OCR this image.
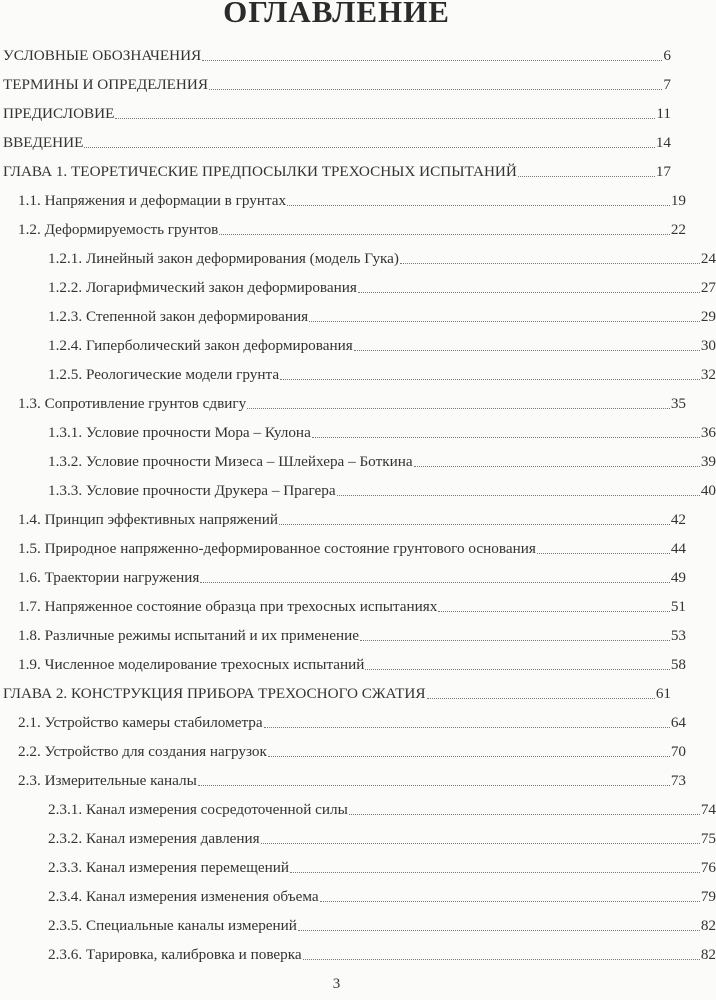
ОГЛАВЛЕНИЕ
УСЛОВНЫЕ ОБОЗНАЧЕНИЯ	6
ТЕРМИНЫ И ОПРЕДЕЛЕНИЯ	7
ПРЕДИСЛОВИЕ	11
ВВЕДЕНИЕ	14
ГЛАВА 1. ТЕОРЕТИЧЕСКИЕ ПРЕДПОСЫЛКИ ТРЕХОСНЫХ ИСПЫТАНИЙ	17
1.1. Напряжения и деформации в грунтах	19
1.2. Деформируемость грунтов	22
1.2.1. Линейный закон деформирования (модель Гука)	24
1.2.2. Логарифмический закон деформирования	27
1.2.3. Степенной закон деформирования	29
1.2.4. Гиперболический закон деформирования	30
1.2.5. Реологические модели грунта	32
1.3. Сопротивление грунтов сдвигу	35
1.3.1. Условие прочности Мора – Кулона	36
1.3.2. Условие прочности Мизеса – Шлейхера – Боткина	39
1.3.3. Условие прочности Друкера – Прагера	40
1.4. Принцип эффективных напряжений	42
1.5. Природное напряженно-деформированное состояние грунтового основания	44
1.6. Траектории нагружения	49
1.7. Напряженное состояние образца при трехосных испытаниях	51
1.8. Различные режимы испытаний и их применение	53
1.9. Численное моделирование трехосных испытаний	58
ГЛАВА 2. КОНСТРУКЦИЯ ПРИБОРА ТРЕХОСНОГО СЖАТИЯ	61
2.1. Устройство камеры стабилометра	64
2.2. Устройство для создания нагрузок	70
2.3. Измерительные каналы	73
2.3.1. Канал измерения сосредоточенной силы	74
2.3.2. Канал измерения давления	75
2.3.3. Канал измерения перемещений	76
2.3.4. Канал измерения изменения объема	79
2.3.5. Специальные каналы измерений	82
2.3.6. Тарировка, калибровка и поверка	82
3
